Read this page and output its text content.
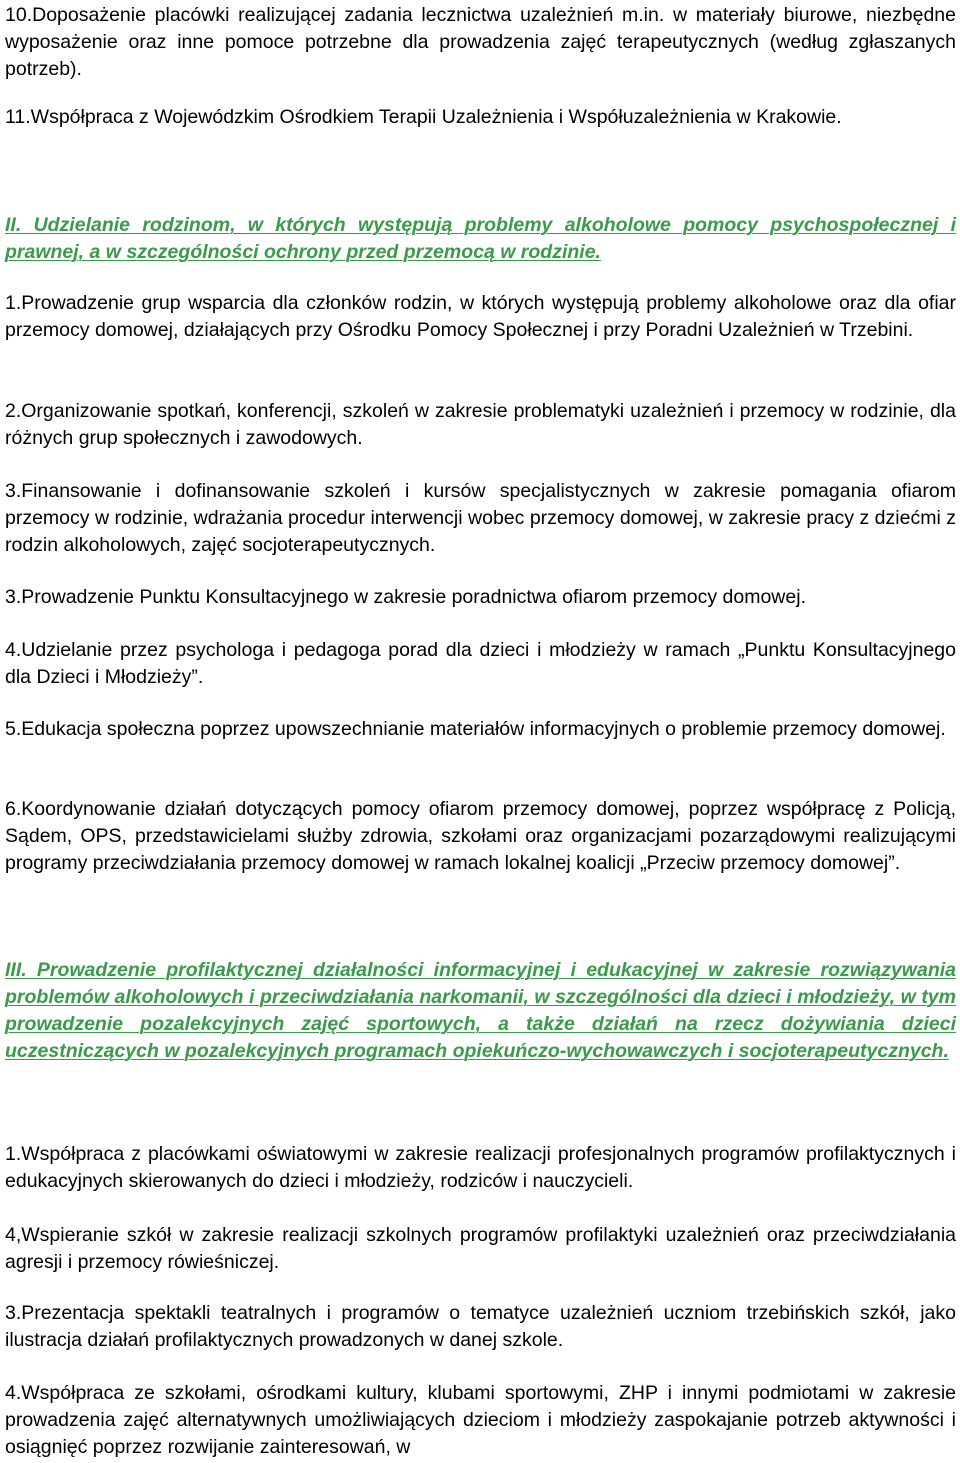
10.Doposażenie placówki realizującej zadania lecznictwa uzależnień m.in. w materiały biurowe, niezbędne wyposażenie oraz inne pomoce potrzebne dla prowadzenia zajęć terapeutycznych (według zgłaszanych potrzeb).

11.Współpraca z Wojewódzkim Ośrodkiem Terapii Uzależnienia i Współuzależnienia w Krakowie.

II. Udzielanie rodzinom, w których występują problemy alkoholowe pomocy psychospołecznej i prawnej, a w szczególności ochrony przed przemocą w rodzinie.

1.Prowadzenie grup wsparcia dla członków rodzin, w których występują problemy alkoholowe oraz dla ofiar przemocy domowej, działających przy Ośrodku Pomocy Społecznej i przy Poradni Uzależnień w Trzebini.

2.Organizowanie spotkań, konferencji, szkoleń w zakresie problematyki uzależnień i przemocy w rodzinie, dla różnych grup społecznych i zawodowych.

3.Finansowanie i dofinansowanie szkoleń i kursów specjalistycznych w zakresie pomagania ofiarom przemocy w rodzinie, wdrażania procedur interwencji wobec przemocy domowej, w zakresie pracy z dziećmi z rodzin alkoholowych, zajęć socjoterapeutycznych.

3.Prowadzenie Punktu Konsultacyjnego w zakresie poradnictwa ofiarom przemocy domowej.

4.Udzielanie przez psychologa i pedagoga porad dla dzieci i młodzieży w ramach „Punktu Konsultacyjnego dla Dzieci i Młodzieży”.

5.Edukacja społeczna poprzez upowszechnianie materiałów informacyjnych o problemie przemocy domowej.

6.Koordynowanie działań dotyczących pomocy ofiarom przemocy domowej, poprzez współpracę z Policją, Sądem, OPS, przedstawicielami służby zdrowia, szkołami oraz organizacjami pozarządowymi realizującymi programy przeciwdziałania przemocy domowej w ramach lokalnej koalicji „Przeciw przemocy domowej”.

III. Prowadzenie profilaktycznej działalności informacyjnej i edukacyjnej w zakresie rozwiązywania problemów alkoholowych i przeciwdziałania narkomanii, w szczególności dla dzieci i młodzieży, w tym prowadzenie pozalekcyjnych zajęć sportowych, a także działań na rzecz dożywiania dzieci uczestniczących w pozalekcyjnych programach opiekuńczo-wychowawczych i socjoterapeutycznych.

1.Współpraca z placówkami oświatowymi w zakresie realizacji profesjonalnych programów profilaktycznych i edukacyjnych skierowanych do dzieci i młodzieży, rodziców i nauczycieli.

4,Wspieranie szkół w zakresie realizacji szkolnych programów profilaktyki uzależnień oraz przeciwdziałania agresji i przemocy rówieśniczej.

3.Prezentacja spektakli teatralnych i programów o tematyce uzależnień uczniom trzebińskich szkół, jako ilustracja działań profilaktycznych prowadzonych w danej szkole.

4.Współpraca ze szkołami, ośrodkami kultury, klubami sportowymi, ZHP i innymi podmiotami w zakresie prowadzenia zajęć alternatywnych umożliwiających dzieciom i młodzieży zaspokajanie potrzeb aktywności i osiągnięć poprzez rozwijanie zainteresowań, w
